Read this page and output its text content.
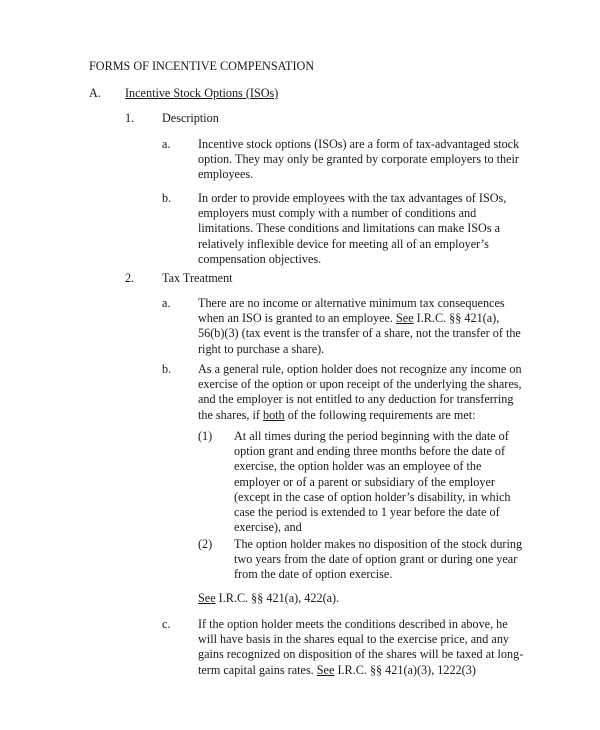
FORMS OF INCENTIVE COMPENSATION
A. Incentive Stock Options (ISOs)
1. Description
a. Incentive stock options (ISOs) are a form of tax-advantaged stock
option. They may only be granted by corporate employers to their
employees.
b. In order to provide employees with the tax advantages of ISOs,
employers must comply with a number of conditions and
limitations. These conditions and limitations can make ISOs a
relatively inflexible device for meeting all of an employer’s
compensation objectives.
2. Tax Treatment
a. There are no income or alternative minimum tax consequences
when an ISO is granted to an employee. See I.R.C. §§ 421(a),
56(b)(3) (tax event is the transfer of a share, not the transfer of the
right to purchase a share).
b. As a general rule, option holder does not recognize any income on
exercise of the option or upon receipt of the underlying the shares,
and the employer is not entitled to any deduction for transferring
the shares, if both of the following requirements are met:
(1) At all times during the period beginning with the date of
option grant and ending three months before the date of
exercise, the option holder was an employee of the
employer or of a parent or subsidiary of the employer
(except in the case of option holder’s disability, in which
case the period is extended to 1 year before the date of
exercise), and
(2) The option holder makes no disposition of the stock during
two years from the date of option grant or during one year
from the date of option exercise.
See I.R.C. §§ 421(a), 422(a).
c. If the option holder meets the conditions described in above, he
will have basis in the shares equal to the exercise price, and any
gains recognized on disposition of the shares will be taxed at long-
term capital gains rates. See I.R.C. §§ 421(a)(3), 1222(3)
